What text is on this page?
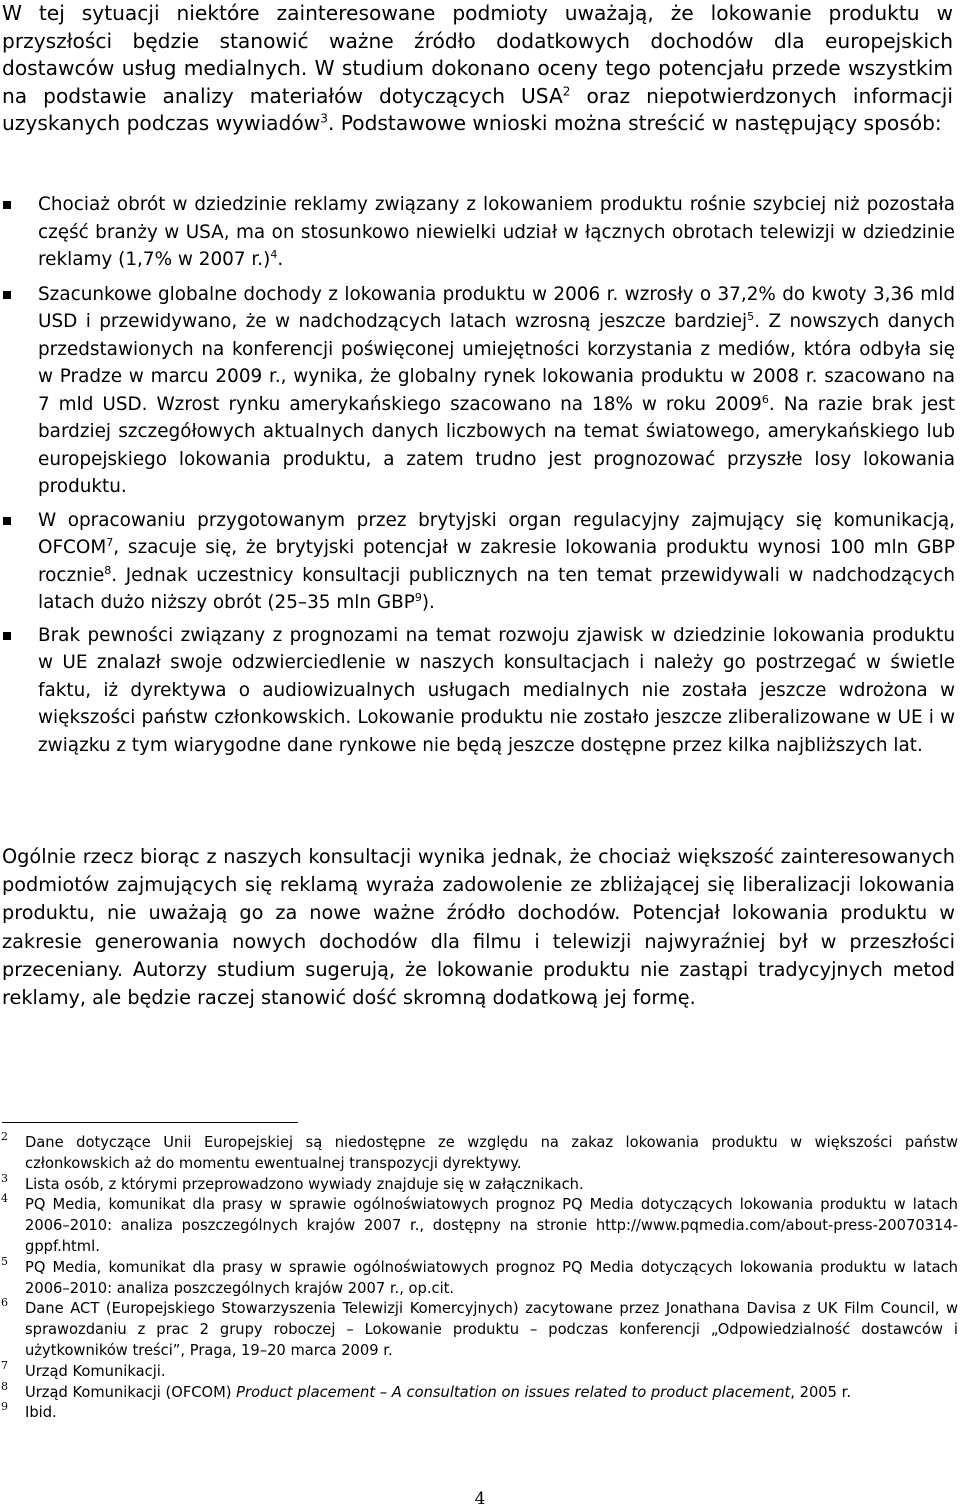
W tej sytuacji niektóre zainteresowane podmioty uważają, że lokowanie produktu w przyszłości będzie stanowić ważne źródło dodatkowych dochodów dla europejskich dostawców usług medialnych. W studium dokonano oceny tego potencjału przede wszystkim na podstawie analizy materiałów dotyczących USA$^2$ oraz niepotwierdzonych informacji uzyskanych podczas wywiadów$^3$. Podstawowe wnioski można streścić w następujący sposób:

Chociaż obrót w dziedzinie reklamy związany z lokowaniem produktu rośnie szybciej niż pozostała część branży w USA, ma on stosunkowo niewielki udział w łącznych obrotach telewizji w dziedzinie reklamy (1,7% w 2007 r.)$^4$.
Szacunkowe globalne dochody z lokowania produktu w 2006 r. wzrosły o 37,2% do kwoty 3,36 mld USD i przewidywano, że w nadchodzących latach wzrosną jeszcze bardziej$^5$. Z nowszych danych przedstawionych na konferencji poświęconej umiejętności korzystania z mediów, która odbyła się w Pradze w marcu 2009 r., wynika, że globalny rynek lokowania produktu w 2008 r. szacowano na 7 mld USD. Wzrost rynku amerykańskiego szacowano na 18% w roku 2009$^6$. Na razie brak jest bardziej szczegółowych aktualnych danych liczbowych na temat światowego, amerykańskiego lub europejskiego lokowania produktu, a zatem trudno jest prognozować przyszłe losy lokowania produktu.
W opracowaniu przygotowanym przez brytyjski organ regulacyjny zajmujący się komunikacją, OFCOM$^7$, szacuje się, że brytyjski potencjał w zakresie lokowania produktu wynosi 100 mln GBP rocznie$^8$. Jednak uczestnicy konsultacji publicznych na ten temat przewidywali w nadchodzących latach dużo niższy obrót (25–35 mln GBP$^9$).
Brak pewności związany z prognozami na temat rozwoju zjawisk w dziedzinie lokowania produktu w UE znalazł swoje odzwierciedlenie w naszych konsultacjach i należy go postrzegać w świetle faktu, iż dyrektywa o audiowizualnych usługach medialnych nie została jeszcze wdrożona w większości państw członkowskich. Lokowanie produktu nie zostało jeszcze zliberalizowane w UE i w związku z tym wiarygodne dane rynkowe nie będą jeszcze dostępne przez kilka najbliższych lat.

Ogólnie rzecz biorąc z naszych konsultacji wynika jednak, że chociaż większość zainteresowanych podmiotów zajmujących się reklamą wyraża zadowolenie ze zbliżającej się liberalizacji lokowania produktu, nie uważają go za nowe ważne źródło dochodów. Potencjał lokowania produktu w zakresie generowania nowych dochodów dla filmu i telewizji najwyraźniej był w przeszłości przeceniany. Autorzy studium sugerują, że lokowanie produktu nie zastąpi tradycyjnych metod reklamy, ale będzie raczej stanowić dość skromną dodatkową jej formę.

2 Dane dotyczące Unii Europejskiej są niedostępne ze względu na zakaz lokowania produktu w większości państw członkowskich aż do momentu ewentualnej transpozycji dyrektywy.
3 Lista osób, z którymi przeprowadzono wywiady znajduje się w załącznikach.
4 PQ Media, komunikat dla prasy w sprawie ogólnoświatowych prognoz PQ Media dotyczących lokowania produktu w latach 2006–2010: analiza poszczególnych krajów 2007 r., dostępny na stronie http://www.pqmedia.com/about-press-20070314-gppf.html.
5 PQ Media, komunikat dla prasy w sprawie ogólnoświatowych prognoz PQ Media dotyczących lokowania produktu w latach 2006–2010: analiza poszczególnych krajów 2007 r., op.cit.
6 Dane ACT (Europejskiego Stowarzyszenia Telewizji Komercyjnych) zacytowane przez Jonathana Davisa z UK Film Council, w sprawozdaniu z prac 2 grupy roboczej – Lokowanie produktu – podczas konferencji „Odpowiedzialność dostawców i użytkowników treści”, Praga, 19–20 marca 2009 r.
7 Urząd Komunikacji.
8 Urząd Komunikacji (OFCOM) Product placement – A consultation on issues related to product placement, 2005 r.
9 Ibid.
4
